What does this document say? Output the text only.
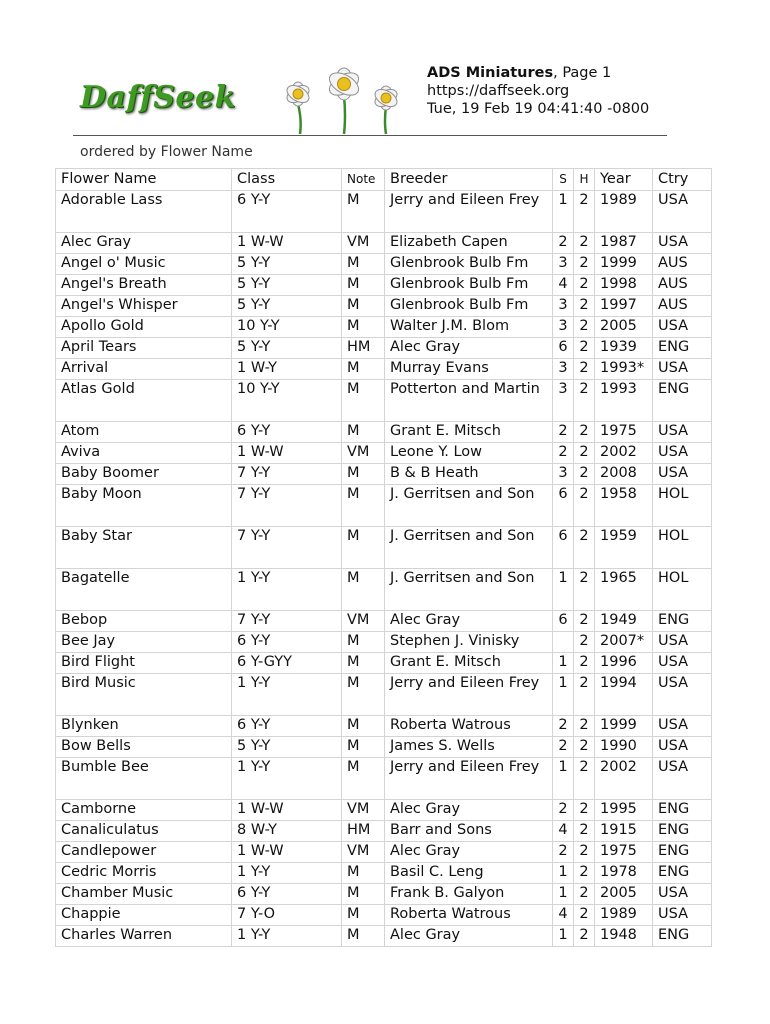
DaffSeek
ADS Miniatures, Page 1
https://daffseek.org
Tue, 19 Feb 19 04:41:40 -0800
ordered by Flower Name
Flower Name	Class	Note	Breeder	S	H	Year	Ctry
Adorable Lass	6 Y-Y	M	Jerry and Eileen Frey	1	2	1989	USA
Alec Gray	1 W-W	VM	Elizabeth Capen	2	2	1987	USA
Angel o' Music	5 Y-Y	M	Glenbrook Bulb Fm	3	2	1999	AUS
Angel's Breath	5 Y-Y	M	Glenbrook Bulb Fm	4	2	1998	AUS
Angel's Whisper	5 Y-Y	M	Glenbrook Bulb Fm	3	2	1997	AUS
Apollo Gold	10 Y-Y	M	Walter J.M. Blom	3	2	2005	USA
April Tears	5 Y-Y	HM	Alec Gray	6	2	1939	ENG
Arrival	1 W-Y	M	Murray Evans	3	2	1993*	USA
Atlas Gold	10 Y-Y	M	Potterton and Martin	3	2	1993	ENG
Atom	6 Y-Y	M	Grant E. Mitsch	2	2	1975	USA
Aviva	1 W-W	VM	Leone Y. Low	2	2	2002	USA
Baby Boomer	7 Y-Y	M	B & B Heath	3	2	2008	USA
Baby Moon	7 Y-Y	M	J. Gerritsen and Son	6	2	1958	HOL
Baby Star	7 Y-Y	M	J. Gerritsen and Son	6	2	1959	HOL
Bagatelle	1 Y-Y	M	J. Gerritsen and Son	1	2	1965	HOL
Bebop	7 Y-Y	VM	Alec Gray	6	2	1949	ENG
Bee Jay	6 Y-Y	M	Stephen J. Vinisky		2	2007*	USA
Bird Flight	6 Y-GYY	M	Grant E. Mitsch	1	2	1996	USA
Bird Music	1 Y-Y	M	Jerry and Eileen Frey	1	2	1994	USA
Blynken	6 Y-Y	M	Roberta Watrous	2	2	1999	USA
Bow Bells	5 Y-Y	M	James S. Wells	2	2	1990	USA
Bumble Bee	1 Y-Y	M	Jerry and Eileen Frey	1	2	2002	USA
Camborne	1 W-W	VM	Alec Gray	2	2	1995	ENG
Canaliculatus	8 W-Y	HM	Barr and Sons	4	2	1915	ENG
Candlepower	1 W-W	VM	Alec Gray	2	2	1975	ENG
Cedric Morris	1 Y-Y	M	Basil C. Leng	1	2	1978	ENG
Chamber Music	6 Y-Y	M	Frank B. Galyon	1	2	2005	USA
Chappie	7 Y-O	M	Roberta Watrous	4	2	1989	USA
Charles Warren	1 Y-Y	M	Alec Gray	1	2	1948	ENG
